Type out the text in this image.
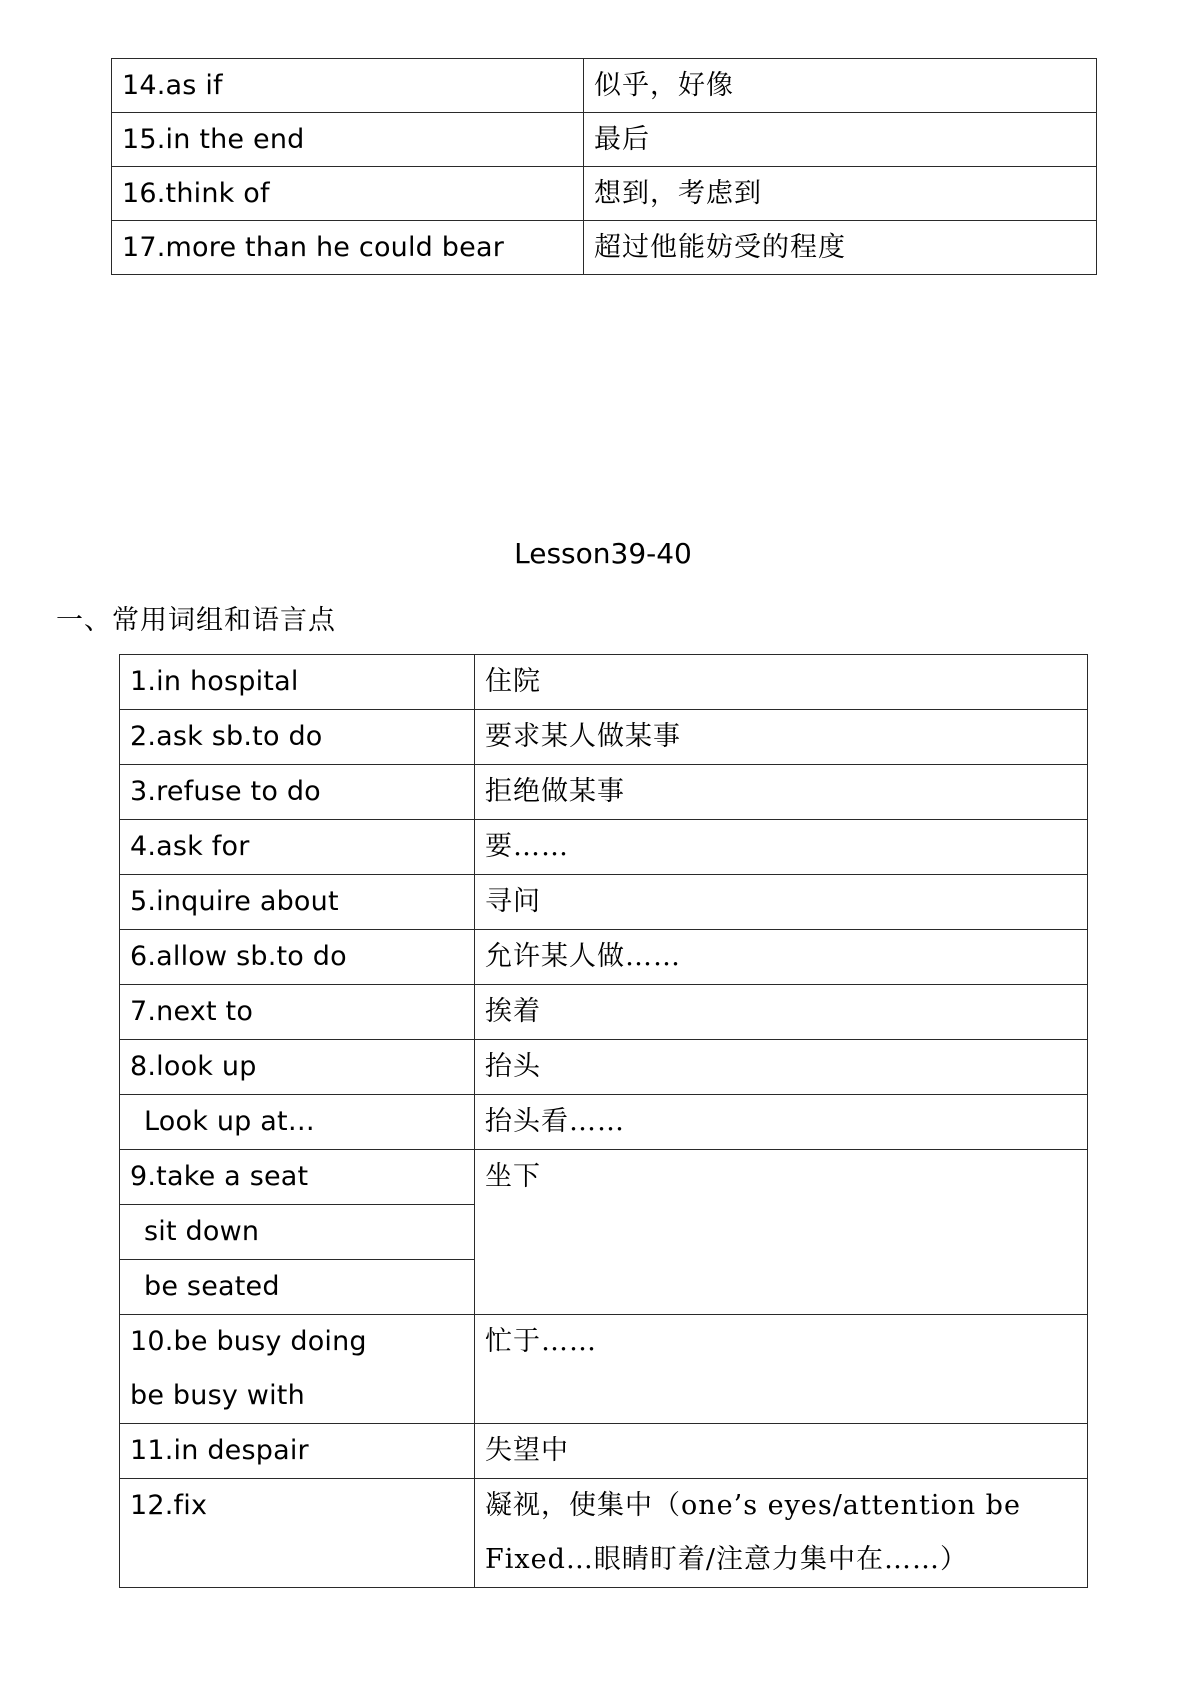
14.as if	似乎，好像
15.in the end	最后
16.think of	想到，考虑到
17.more than he could bear	超过他能妨受的程度
Lesson39-40
一、常用词组和语言点
1.in hospital	住院
2.ask sb.to do	要求某人做某事
3.refuse to do	拒绝做某事
4.ask for	要……
5.inquire about	寻问
6.allow sb.to do	允许某人做……
7.next to	挨着
8.look up	抬头
Look up at…	抬头看……
9.take a seat	坐下
sit down	
be seated	

10.be busy doing
be busy with	忙于……
11.in despair	失望中
12.fix	凝视，使集中（one’s eyes/attention be
Fixed…眼睛盯着/注意力集中在……）
